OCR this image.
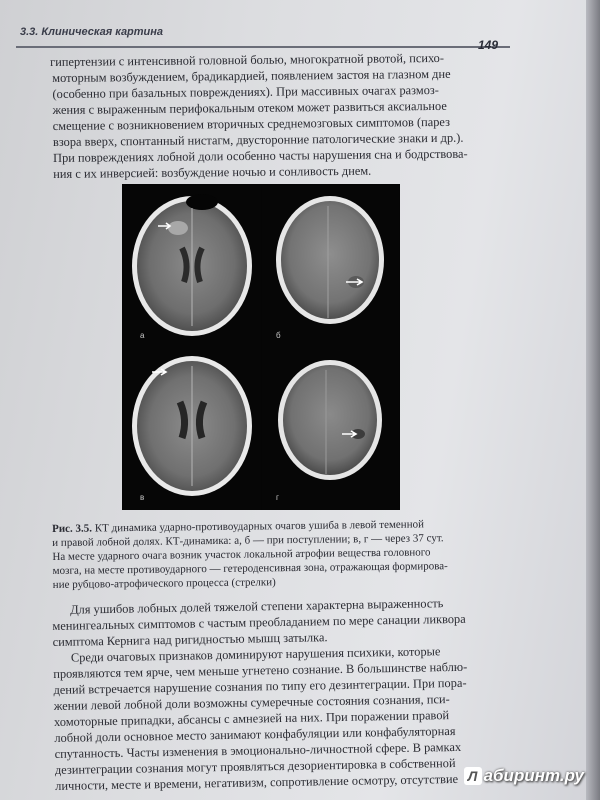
3.3. Клиническая картина
149
гипертензии с интенсивной головной болью, многократной рвотой, психо-
моторным возбуждением, брадикардией, появлением застоя на глазном дне
(особенно при базальных повреждениях). При массивных очагах размоз-
жения с выраженным перифокальным отеком может развиться аксиальное
смещение с возникновением вторичных среднемозговых симптомов (парез
взора вверх, спонтанный нистагм, двусторонние патологические знаки и др.).
При повреждениях лобной доли особенно часты нарушения сна и бодрствова-
ния с их инверсией: возбуждение ночью и сонливость днем.
а	б
в	г
Рис. 3.5. КТ динамика ударно-противоударных очагов ушиба в левой теменной
и правой лобной долях. КТ-динамика: а, б — при поступлении; в, г — через 37 сут.
На месте ударного очага возник участок локальной атрофии вещества головного
мозга, на месте противоударного — гетероденсивная зона, отражающая формирова-
ние рубцово-атрофического процесса (стрелки)
Для ушибов лобных долей тяжелой степени характерна выраженность
менингеальных симптомов с частым преобладанием по мере санации ликвора
симптома Кернига над ригидностью мышц затылка.
Среди очаговых признаков доминируют нарушения психики, которые
проявляются тем ярче, чем меньше угнетено сознание. В большинстве наблю-
дений встречается нарушение сознания по типу его дезинтеграции. При пора-
жении левой лобной доли возможны сумеречные состояния сознания, пси-
хомоторные припадки, абсансы с амнезией на них. При поражении правой
лобной доли основное место занимают конфабуляции или конфабуляторная
спутанность. Часты изменения в эмоционально-личностной сфере. В рамках
дезинтеграции сознания могут проявляться дезориентировка в собственной
личности, месте и времени, негативизм, сопротивление осмотру, отсутствие Л абиринт.ру
